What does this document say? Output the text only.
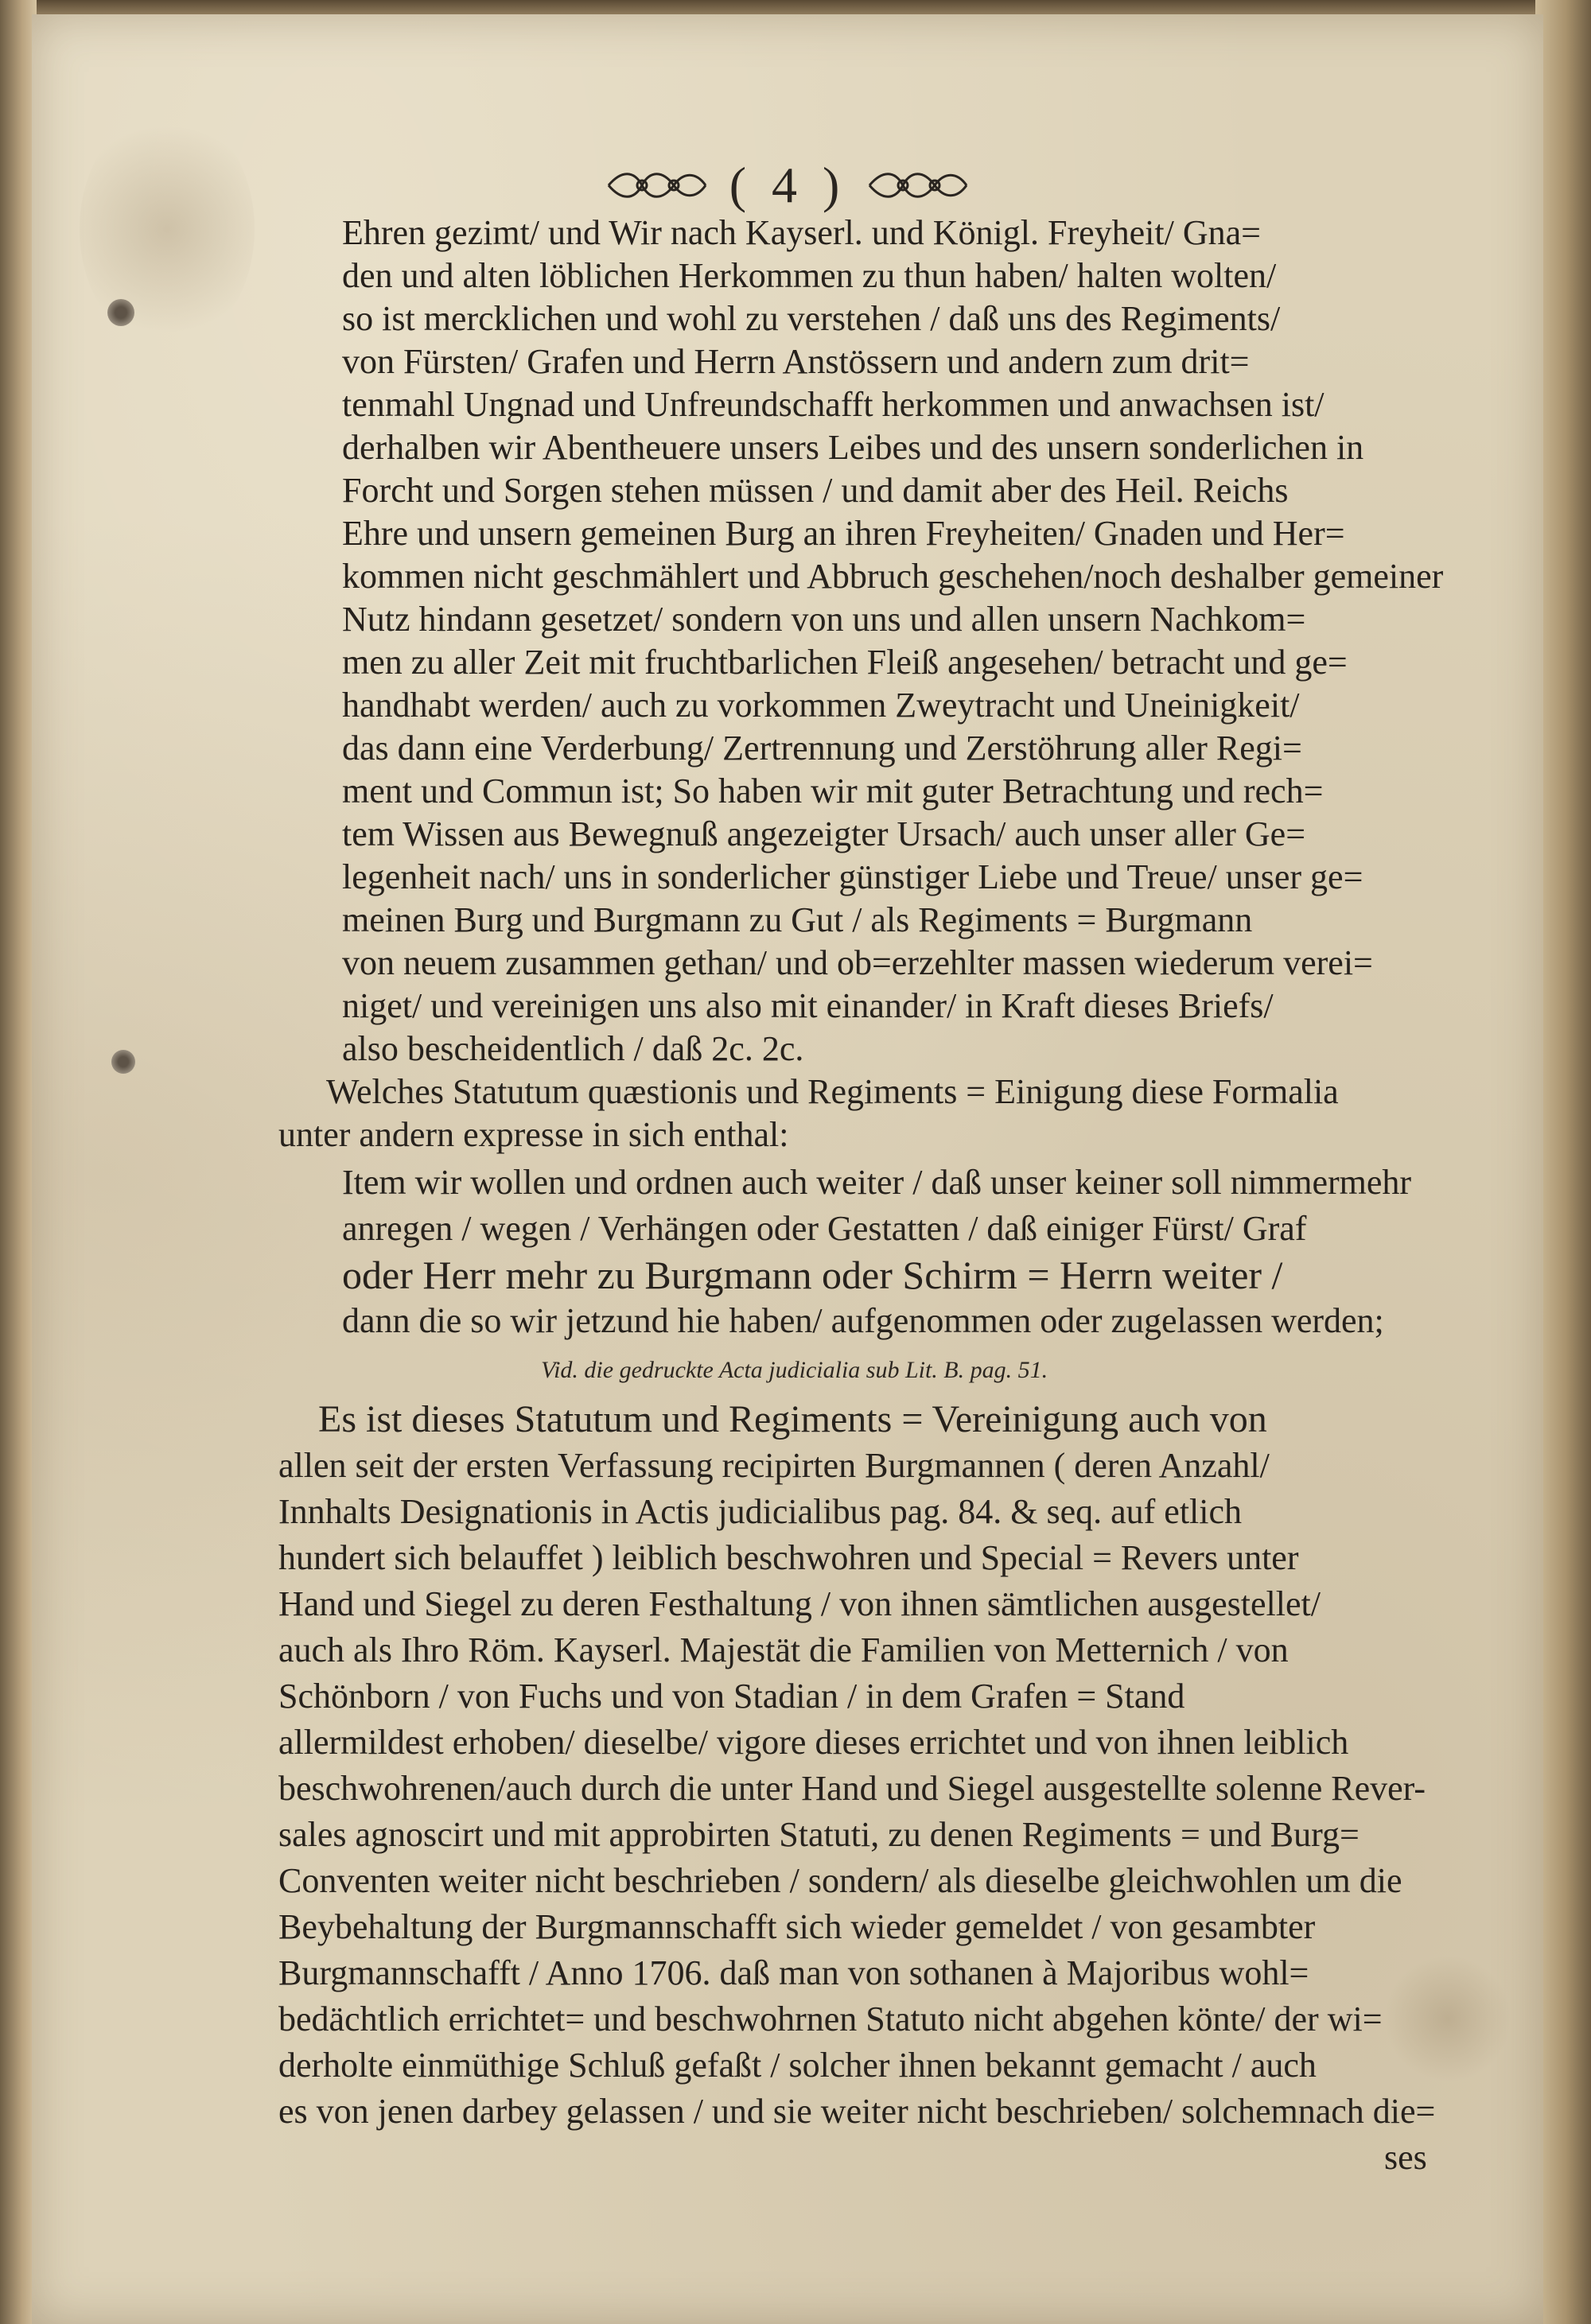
( 4 )
Ehren gezimt/ und Wir nach Kayserl. und Königl. Freyheit/ Gna=
den und alten löblichen Herkommen zu thun haben/ halten wolten/
so ist mercklichen und wohl zu verstehen / daß uns des Regiments/
von Fürsten/ Grafen und Herrn Anstössern und andern zum drit=
tenmahl Ungnad und Unfreundschafft herkommen und anwachsen ist/
derhalben wir Abentheuere unsers Leibes und des unsern sonderlichen in
Forcht und Sorgen stehen müssen / und damit aber des Heil. Reichs
Ehre und unsern gemeinen Burg an ihren Freyheiten/ Gnaden und Her=
kommen nicht geschmählert und Abbruch geschehen/noch deshalber gemeiner
Nutz hindann gesetzet/ sondern von uns und allen unsern Nachkom=
men zu aller Zeit mit fruchtbarlichen Fleiß angesehen/ betracht und ge=
handhabt werden/ auch zu vorkommen Zweytracht und Uneinigkeit/
das dann eine Verderbung/ Zertrennung und Zerstöhrung aller Regi=
ment und Commun ist; So haben wir mit guter Betrachtung und rech=
tem Wissen aus Bewegnuß angezeigter Ursach/ auch unser aller Ge=
legenheit nach/ uns in sonderlicher günstiger Liebe und Treue/ unser ge=
meinen Burg und Burgmann zu Gut / als Regiments = Burgmann
von neuem zusammen gethan/ und ob=erzehlter massen wiederum verei=
niget/ und vereinigen uns also mit einander/ in Kraft dieses Briefs/
also bescheidentlich / daß 2c. 2c.
Welches Statutum quæstionis und Regiments = Einigung diese Formalia
unter andern expresse in sich enthal:
Item wir wollen und ordnen auch weiter / daß unser keiner soll nimmermehr
anregen / wegen / Verhängen oder Gestatten / daß einiger Fürst/ Graf
oder Herr mehr zu Burgmann oder Schirm = Herrn weiter /
dann die so wir jetzund hie haben/ aufgenommen oder zugelassen werden;
Vid. die gedruckte Acta judicialia sub Lit. B. pag. 51.
Es ist dieses Statutum und Regiments = Vereinigung auch von
allen seit der ersten Verfassung recipirten Burgmannen ( deren Anzahl/
Innhalts Designationis in Actis judicialibus pag. 84. & seq. auf etlich
hundert sich belauffet ) leiblich beschwohren und Special = Revers unter
Hand und Siegel zu deren Festhaltung / von ihnen sämtlichen ausgestellet/
auch als Ihro Röm. Kayserl. Majestät die Familien von Metternich / von
Schönborn / von Fuchs und von Stadian / in dem Grafen = Stand
allermildest erhoben/ dieselbe/ vigore dieses errichtet und von ihnen leiblich
beschwohrenen/auch durch die unter Hand und Siegel ausgestellte solenne Rever-
sales agnoscirt und mit approbirten Statuti, zu denen Regiments = und Burg=
Conventen weiter nicht beschrieben / sondern/ als dieselbe gleichwohlen um die
Beybehaltung der Burgmannschafft sich wieder gemeldet / von gesambter
Burgmannschafft / Anno 1706. daß man von sothanen à Majoribus wohl=
bedächtlich errichtet= und beschwohrnen Statuto nicht abgehen könte/ der wi=
derholte einmüthige Schluß gefaßt / solcher ihnen bekannt gemacht / auch
es von jenen darbey gelassen / und sie weiter nicht beschrieben/ solchemnach die=
ses
